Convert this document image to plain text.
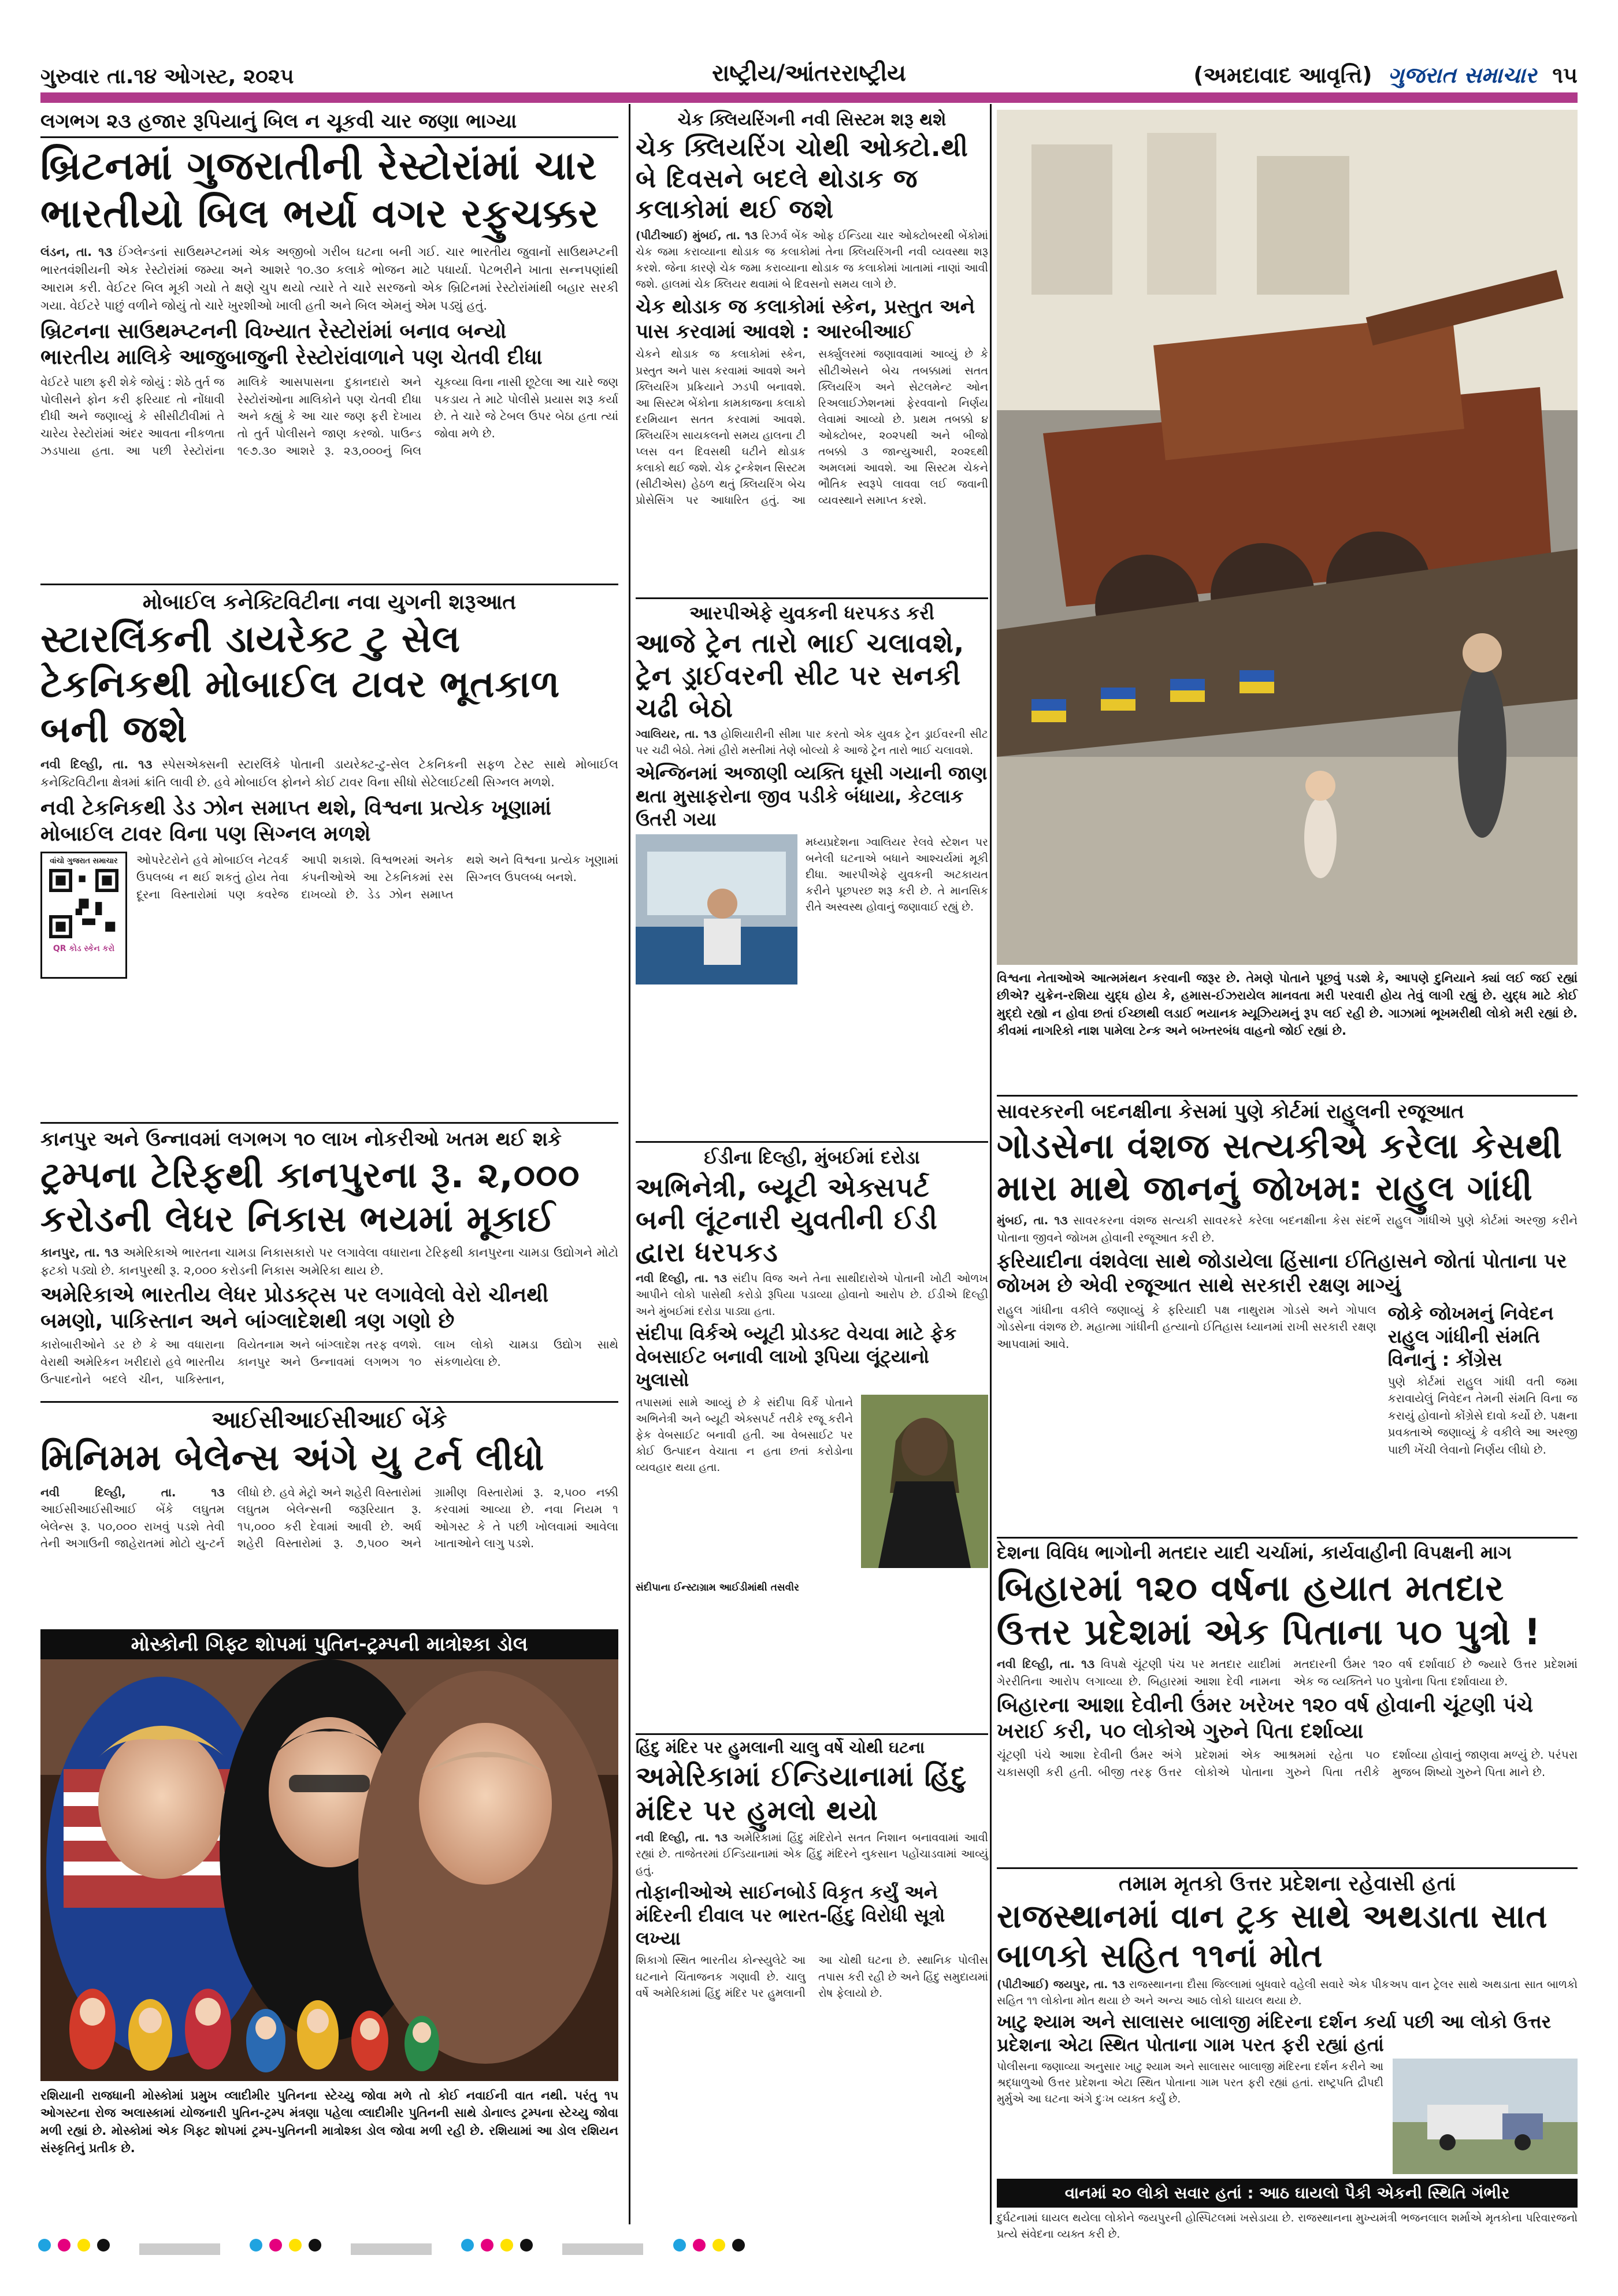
ગુરુવાર તા.૧૪ ઓગસ્ટ, ૨૦૨૫	રાષ્ટ્રીય/આંતરરાષ્ટ્રીય	(અમદાવાદ આવૃત્તિ) ગુજરાત સમાચાર ૧૫
લગભગ ૨૩ હજાર રૂપિયાનું બિલ ન ચૂકવી ચાર જણા ભાગ્યા
બ્રિટનમાં ગુજરાતીની રેસ્ટોરાંમાં ચાર ભારતીયો બિલ ભર્યા વગર રફુચક્કર
લંડન, તા. ૧૩ ઈંગ્લેન્ડનાં સાઉથમ્પ્ટનમાં એક અજીબો ગરીબ ઘટના બની ગઈ. ચાર ભારતીય જુવાનોં સાઉથમ્પ્ટની ભારતવંશીયની એક રેસ્ટોરાંમાં જમ્યા અને આશરે ૧૦.૩૦ કલાકે ભોજન માટે પધાર્યા. પેટભરીને ખાતા સન્નપણાંથી આરામ કરી. વેઈટર બિલ મૂકી ગયો તે ક્ષણે ચુપ થયો ત્યારે તે ચારે સરજનો એક બ્રિટિનમાં રેસ્ટોરાંમાંથી બહાર સરકી ગયા. વેઈટરે પાછું વળીને જોયું તો ચારે ખુરશીઓ ખાલી હતી અને બિલ એમનું એમ પડ્યું હતું.
બ્રિટનના સાઉથમ્પ્ટનની વિખ્યાત રેસ્ટોરાંમાં બનાવ બન્યો
ભારતીય માલિકે આજુબાજુની રેસ્ટોરાંવાળાને પણ ચેતવી દીધા
વેઈટરે પાછા ફરી શેકે જોયું : શેઠે તુર્ત જ પોલીસને ફોન કરી ફરિયાદ તો નોંધાવી દીધી અને જણાવ્યું કે સીસીટીવીમાં તે ચારેય રેસ્ટોરાંમાં અંદર આવતા નીકળતા ઝડપાયા હતા. આ પછી રેસ્ટોરાંના માલિકે આસપાસના દુકાનદારો અને રેસ્ટોરાંઓના માલિકોને પણ ચેતવી દીધા અને કહ્યું કે આ ચાર જણ ફરી દેખાય તો તુર્ત પોલીસને જાણ કરજો. પાઉન્ડ ૧૯૭.૩૦ આશરે રૂ. ૨૩,૦૦૦નું બિલ ચૂકવ્યા વિના નાસી છૂટેલા આ ચારે જણ પકડાય તે માટે પોલીસે પ્રયાસ શરૂ કર્યા છે. તે ચારે જે ટેબલ ઉપર બેઠા હતા ત્યાં જોવા મળે છે.
મોબાઈલ કનેક્ટિવિટીના નવા યુગની શરૂઆત
સ્ટારલિંકની ડાયરેક્ટ ટુ સેલ ટેકનિકથી મોબાઈલ ટાવર ભૂતકાળ બની જશે
નવી દિલ્હી, તા. ૧૩ સ્પેસએક્સની સ્ટારલિંકે પોતાની ડાયરેક્ટ-ટુ-સેલ ટેકનિકની સફળ ટેસ્ટ સાથે મોબાઈલ કનેક્ટિવિટીના ક્ષેત્રમાં ક્રાંતિ લાવી છે. હવે મોબાઈલ ફોનને કોઈ ટાવર વિના સીધો સેટેલાઈટથી સિગ્નલ મળશે.
નવી ટેકનિકથી ડેડ ઝોન સમાપ્ત થશે, વિશ્વના પ્રત્યેક ખૂણામાં મોબાઈલ ટાવર વિના પણ સિગ્નલ મળશે
વાંચો ગુજરાત સમાચાર
QR કોડ સ્કેન કરો
ઓપરેટરોને હવે મોબાઈલ નેટવર્ક ઉપલબ્ધ ન થઈ શકતું હોય તેવા દૂરના વિસ્તારોમાં પણ કવરેજ આપી શકાશે. વિશ્વભરમાં અનેક કંપનીઓએ આ ટેકનિકમાં રસ દાખવ્યો છે. ડેડ ઝોન સમાપ્ત થશે અને વિશ્વના પ્રત્યેક ખૂણામાં સિગ્નલ ઉપલબ્ધ બનશે.
કાનપુર અને ઉન્નાવમાં લગભગ ૧૦ લાખ નોકરીઓ ખતમ થઈ શકે
ટ્રમ્પના ટેરિફથી કાનપુરના રૂ. ૨,૦૦૦ કરોડની લેધર નિકાસ ભયમાં મૂકાઈ
કાનપુર, તા. ૧૩ અમેરિકાએ ભારતના ચામડા નિકાસકારો પર લગાવેલા વધારાના ટેરિફથી કાનપુરના ચામડા ઉદ્યોગને મોટો ફટકો પડ્યો છે. કાનપુરથી રૂ. ૨,૦૦૦ કરોડની નિકાસ અમેરિકા થાય છે.
અમેરિકાએ ભારતીય લેધર પ્રોડક્ટ્સ પર લગાવેલો વેરો ચીનથી બમણો, પાકિસ્તાન અને બાંગ્લાદેશથી ત્રણ ગણો છે
કારોબારીઓને ડર છે કે આ વધારાના વેરાથી અમેરિકન ખરીદારો હવે ભારતીય ઉત્પાદનોને બદલે ચીન, પાકિસ્તાન, વિયેતનામ અને બાંગ્લાદેશ તરફ વળશે. કાનપુર અને ઉન્નાવમાં લગભગ ૧૦ લાખ લોકો ચામડા ઉદ્યોગ સાથે સંકળાયેલા છે.
આઈસીઆઈસીઆઈ બેંકે
મિનિમમ બેલેન્સ અંગે યુ ટર્ન લીધો
નવી દિલ્હી, તા. ૧૩ આઈસીઆઈસીઆઈ બેંકે લઘુતમ બેલેન્સ રૂ. ૫૦,૦૦૦ રાખવું પડશે તેવી તેની અગાઉની જાહેરાતમાં મોટો યુ-ટર્ન લીધો છે. હવે મેટ્રો અને શહેરી વિસ્તારોમાં લઘુતમ બેલેન્સની જરૂરિયાત રૂ. ૧૫,૦૦૦ કરી દેવામાં આવી છે. અર્ધ શહેરી વિસ્તારોમાં રૂ. ૭,૫૦૦ અને ગ્રામીણ વિસ્તારોમાં રૂ. ૨,૫૦૦ નક્કી કરવામાં આવ્યા છે. નવા નિયમ ૧ ઓગસ્ટ કે તે પછી ખોલવામાં આવેલા ખાતાઓને લાગુ પડશે.
મોસ્કોની ગિફ્ટ શોપમાં પુતિન-ટ્રમ્પની માત્રોશ્કા ડોલ
રશિયાની રાજધાની મોસ્કોમાં પ્રમુખ વ્લાદીમીર પુતિનના સ્ટેચ્યુ જોવા મળે તો કોઈ નવાઈની વાત નથી. પરંતુ ૧૫ ઓગસ્ટના રોજ અલાસ્કામાં યોજનારી પુતિન-ટ્રમ્પ મંત્રણા પહેલા વ્લાદીમીર પુતિનની સાથે ડોનાલ્ડ ટ્રમ્પના સ્ટેચ્યુ જોવા મળી રહ્યાં છે. મોસ્કોમાં એક ગિફ્ટ શોપમાં ટ્રમ્પ-પુતિનની માત્રોશ્કા ડોલ જોવા મળી રહી છે. રશિયામાં આ ડોલ રશિયન સંસ્કૃતિનું પ્રતીક છે.
ચેક ક્લિયરિંગની નવી સિસ્ટમ શરૂ થશે
ચેક ક્લિયરિંગ ચોથી ઓક્ટો.થી બે દિવસને બદલે થોડાક જ કલાકોમાં થઈ જશે
(પીટીઆઈ) મુંબઈ, તા. ૧૩ રિઝર્વ બેંક ઓફ ઈન્ડિયા ચાર ઓક્ટોબરથી બેંકોમાં ચેક જમા કરાવ્યાના થોડાક જ કલાકોમાં તેના ક્લિયરિંગની નવી વ્યવસ્થા શરૂ કરશે. જેના કારણે ચેક જમા કરાવ્યાના થોડાક જ કલાકોમાં ખાતામાં નાણાં આવી જશે. હાલમાં ચેક ક્લિયર થવામાં બે દિવસનો સમય લાગે છે.
ચેક થોડાક જ કલાકોમાં સ્કેન, પ્રસ્તુત અને પાસ કરવામાં આવશે : આરબીઆઈ
ચેકને થોડાક જ કલાકોમાં સ્કેન, પ્રસ્તુત અને પાસ કરવામાં આવશે અને ક્લિયરિંગ પ્રક્રિયાને ઝડપી બનાવશે. આ સિસ્ટમ બેંકોના કામકાજના કલાકો દરમિયાન સતત કરવામાં આવશે. ક્લિયરિંગ સાયકલનો સમય હાલના ટી પ્લસ વન દિવસથી ઘટીને થોડાક કલાકો થઈ જશે. ચેક ટ્રન્કેશન સિસ્ટમ (સીટીએસ) હેઠળ થતું ક્લિયરિંગ બેચ પ્રોસેસિંગ પર આધારિત હતું. આ સર્ક્યુલરમાં જણાવવામાં આવ્યું છે કે સીટીએસને બેચ તબક્કામાં સતત ક્લિયરિંગ અને સેટલમેન્ટ ઓન રિઅલાઈઝેશનમાં ફેરવવાનો નિર્ણય લેવામાં આવ્યો છે. પ્રથમ તબક્કો ૪ ઓક્ટોબર, ૨૦૨૫થી અને બીજો તબક્કો ૩ જાન્યુઆરી, ૨૦૨૬થી અમલમાં આવશે. આ સિસ્ટમ ચેકને ભૌતિક સ્વરૂપે લાવવા લઈ જવાની વ્યવસ્થાને સમાપ્ત કરશે.
વિશ્વના નેતાઓએ આત્મમંથન કરવાની જરૂર છે. તેમણે પોતાને પૂછવું પડશે કે, આપણે દુનિયાને ક્યાં લઈ જઈ રહ્યાં છીએ? યુક્રેન-રશિયા યુદ્ધ હોય કે, હમાસ-ઈઝરાયેલ માનવતા મરી પરવારી હોય તેવું લાગી રહ્યું છે. યુદ્ધ માટે કોઈ મુદ્દો રહ્યો ન હોવા છતાં ઈચ્છાથી લડાઈ ભયાનક મ્યૂઝિયમનું રૂપ લઈ રહી છે. ગાઝામાં ભૂખમરીથી લોકો મરી રહ્યાં છે. કીવમાં નાગરિકો નાશ પામેલા ટેન્ક અને બખ્તરબંધ વાહનો જોઈ રહ્યાં છે.
આરપીએફે યુવકની ધરપકડ કરી
આજે ટ્રેન તારો ભાઈ ચલાવશે, ટ્રેન ડ્રાઈવરની સીટ પર સનકી ચઢી બેઠો
ગ્વાલિયર, તા. ૧૩ હોશિયારીની સીમા પાર કરતો એક યુવક ટ્રેન ડ્રાઈવરની સીટ પર ચઢી બેઠો. તેમાં હીરો મસ્તીમાં તેણે બોલ્યો કે આજે ટ્રેન તારો ભાઈ ચલાવશે.
એન્જિનમાં અજાણી વ્યક્તિ ઘૂસી ગયાની જાણ થતા મુસાફરોના જીવ પડીકે બંધાયા, કેટલાક ઉતરી ગયા
મધ્યપ્રદેશના ગ્વાલિયર રેલવે સ્ટેશન પર બનેલી ઘટનાએ બધાને આશ્ચર્યમાં મૂકી દીધા. આરપીએફે યુવકની અટકાયત કરીને પૂછપરછ શરૂ કરી છે. તે માનસિક રીતે અસ્વસ્થ હોવાનું જણાવાઈ રહ્યું છે.
ઈડીના દિલ્હી, મુંબઈમાં દરોડા
અભિનેત્રી, બ્યૂટી એક્સપર્ટ બની લૂંટનારી યુવતીની ઈડી દ્વારા ધરપકડ
નવી દિલ્હી, તા. ૧૩ સંદીપ વિજ અને તેના સાથીદારોએ પોતાની ખોટી ઓળખ આપીને લોકો પાસેથી કરોડો રૂપિયા પડાવ્યા હોવાનો આરોપ છે. ઈડીએ દિલ્હી અને મુંબઈમાં દરોડા પાડ્યા હતા.
સંદીપા વિર્કએ બ્યૂટી પ્રોડક્ટ વેચવા માટે ફેક વેબસાઈટ બનાવી લાખો રૂપિયા લૂંટ્યાનો ખુલાસો
તપાસમાં સામે આવ્યું છે કે સંદીપા વિર્કે પોતાને અભિનેત્રી અને બ્યૂટી એક્સપર્ટ તરીકે રજૂ કરીને ફેક વેબસાઈટ બનાવી હતી. આ વેબસાઈટ પર કોઈ ઉત્પાદન વેચાતા ન હતા છતાં કરોડોના વ્યવહાર થયા હતા.
સંદીપાના ઈન્સ્ટાગ્રામ આઈડીમાંથી તસવીર
હિંદુ મંદિર પર હુમલાની ચાલુ વર્ષે ચોથી ઘટના
અમેરિકામાં ઈન્ડિયાનામાં હિંદુ મંદિર પર હુમલો થયો
નવી દિલ્હી, તા. ૧૩ અમેરિકામાં હિંદુ મંદિરોને સતત નિશાન બનાવવામાં આવી રહ્યાં છે. તાજેતરમાં ઈન્ડિયાનામાં એક હિંદુ મંદિરને નુકસાન પહોંચાડવામાં આવ્યું હતું.
તોફાનીઓએ સાઈનબોર્ડ વિકૃત કર્યું અને મંદિરની દીવાલ પર ભારત-હિંદુ વિરોધી સૂત્રો લખ્યા
શિકાગો સ્થિત ભારતીય કોન્સ્યુલેટે આ ઘટનાને ચિંતાજનક ગણાવી છે. ચાલુ વર્ષે અમેરિકામાં હિંદુ મંદિર પર હુમલાની આ ચોથી ઘટના છે. સ્થાનિક પોલીસ તપાસ કરી રહી છે અને હિંદુ સમુદાયમાં રોષ ફેલાયો છે.
સાવરકરની બદનક્ષીના કેસમાં પુણે કોર્ટમાં રાહુલની રજૂઆત
ગોડસેના વંશજ સત્યકીએ કરેલા કેસથી મારા માથે જાનનું જોખમ: રાહુલ ગાંધી
મુંબઈ, તા. ૧૩ સાવરકરના વંશજ સત્યકી સાવરકરે કરેલા બદનક્ષીના કેસ સંદર્ભે રાહુલ ગાંધીએ પુણે કોર્ટમાં અરજી કરીને પોતાના જીવને જોખમ હોવાની રજૂઆત કરી છે.
ફરિયાદીના વંશવેલા સાથે જોડાયેલા હિંસાના ઈતિહાસને જોતાં પોતાના પર જોખમ છે એવી રજૂઆત સાથે સરકારી રક્ષણ માગ્યું
રાહુલ ગાંધીના વકીલે જણાવ્યું કે ફરિયાદી પક્ષ નાથુરામ ગોડસે અને ગોપાલ ગોડસેના વંશજ છે. મહાત્મા ગાંધીની હત્યાનો ઈતિહાસ ધ્યાનમાં રાખી સરકારી રક્ષણ આપવામાં આવે.
જોકે જોખમનું નિવેદન રાહુલ ગાંધીની સંમતિ વિનાનું : કોંગ્રેસ
પુણે કોર્ટમાં રાહુલ ગાંધી વતી જમા કરાવાયેલું નિવેદન તેમની સંમતિ વિના જ કરાયું હોવાનો કોંગ્રેસે દાવો કર્યો છે. પક્ષના પ્રવક્તાએ જણાવ્યું કે વકીલે આ અરજી પાછી ખેંચી લેવાનો નિર્ણય લીધો છે.
દેશના વિવિધ ભાગોની મતદાર યાદી ચર્ચામાં, કાર્યવાહીની વિપક્ષની માગ
બિહારમાં ૧૨૦ વર્ષના હયાત મતદાર ઉત્તર પ્રદેશમાં એક પિતાના ૫૦ પુત્રો !
નવી દિલ્હી, તા. ૧૩ વિપક્ષે ચૂંટણી પંચ પર મતદાર યાદીમાં ગેરરીતિના આરોપ લગાવ્યા છે. બિહારમાં આશા દેવી નામના મતદારની ઉંમર ૧૨૦ વર્ષ દર્શાવાઈ છે જ્યારે ઉત્તર પ્રદેશમાં એક જ વ્યક્તિને ૫૦ પુત્રોના પિતા દર્શાવાયા છે.
બિહારના આશા દેવીની ઉંમર ખરેખર ૧૨૦ વર્ષ હોવાની ચૂંટણી પંચે ખરાઈ કરી, ૫૦ લોકોએ ગુરુને પિતા દર્શાવ્યા
ચૂંટણી પંચે આશા દેવીની ઉંમર અંગે ચકાસણી કરી હતી. બીજી તરફ ઉત્તર પ્રદેશમાં એક આશ્રમમાં રહેતા ૫૦ લોકોએ પોતાના ગુરુને પિતા તરીકે દર્શાવ્યા હોવાનું જાણવા મળ્યું છે. પરંપરા મુજબ શિષ્યો ગુરુને પિતા માને છે.
તમામ મૃતકો ઉત્તર પ્રદેશના રહેવાસી હતાં
રાજસ્થાનમાં વાન ટ્રક સાથે અથડાતા સાત બાળકો સહિત ૧૧નાં મોત
(પીટીઆઈ) જયપુર, તા. ૧૩ રાજસ્થાનના દૌસા જિલ્લામાં બુધવારે વહેલી સવારે એક પીકઅપ વાન ટ્રેલર સાથે અથડાતા સાત બાળકો સહિત ૧૧ લોકોના મોત થયા છે અને અન્ય આઠ લોકો ઘાયલ થયા છે.
ખાટુ શ્યામ અને સાલાસર બાલાજી મંદિરના દર્શન કર્યા પછી આ લોકો ઉત્તર પ્રદેશના એટા સ્થિત પોતાના ગામ પરત ફરી રહ્યાં હતાં
પોલીસના જણાવ્યા અનુસાર ખાટુ શ્યામ અને સાલાસર બાલાજી મંદિરના દર્શન કરીને આ શ્રદ્ધાળુઓ ઉત્તર પ્રદેશના એટા સ્થિત પોતાના ગામ પરત ફરી રહ્યાં હતાં. રાષ્ટ્રપતિ દ્રૌપદી મુર્મુએ આ ઘટના અંગે દુઃખ વ્યક્ત કર્યું છે.
વાનમાં ૨૦ લોકો સવાર હતાં : આઠ ઘાયલો પૈકી એકની સ્થિતિ ગંભીર
દુર્ઘટનામાં ઘાયલ થયેલા લોકોને જયપુરની હોસ્પિટલમાં ખસેડાયા છે. રાજસ્થાનના મુખ્યમંત્રી ભજનલાલ શર્માએ મૃતકોના પરિવારજનો પ્રત્યે સંવેદના વ્યક્ત કરી છે.
